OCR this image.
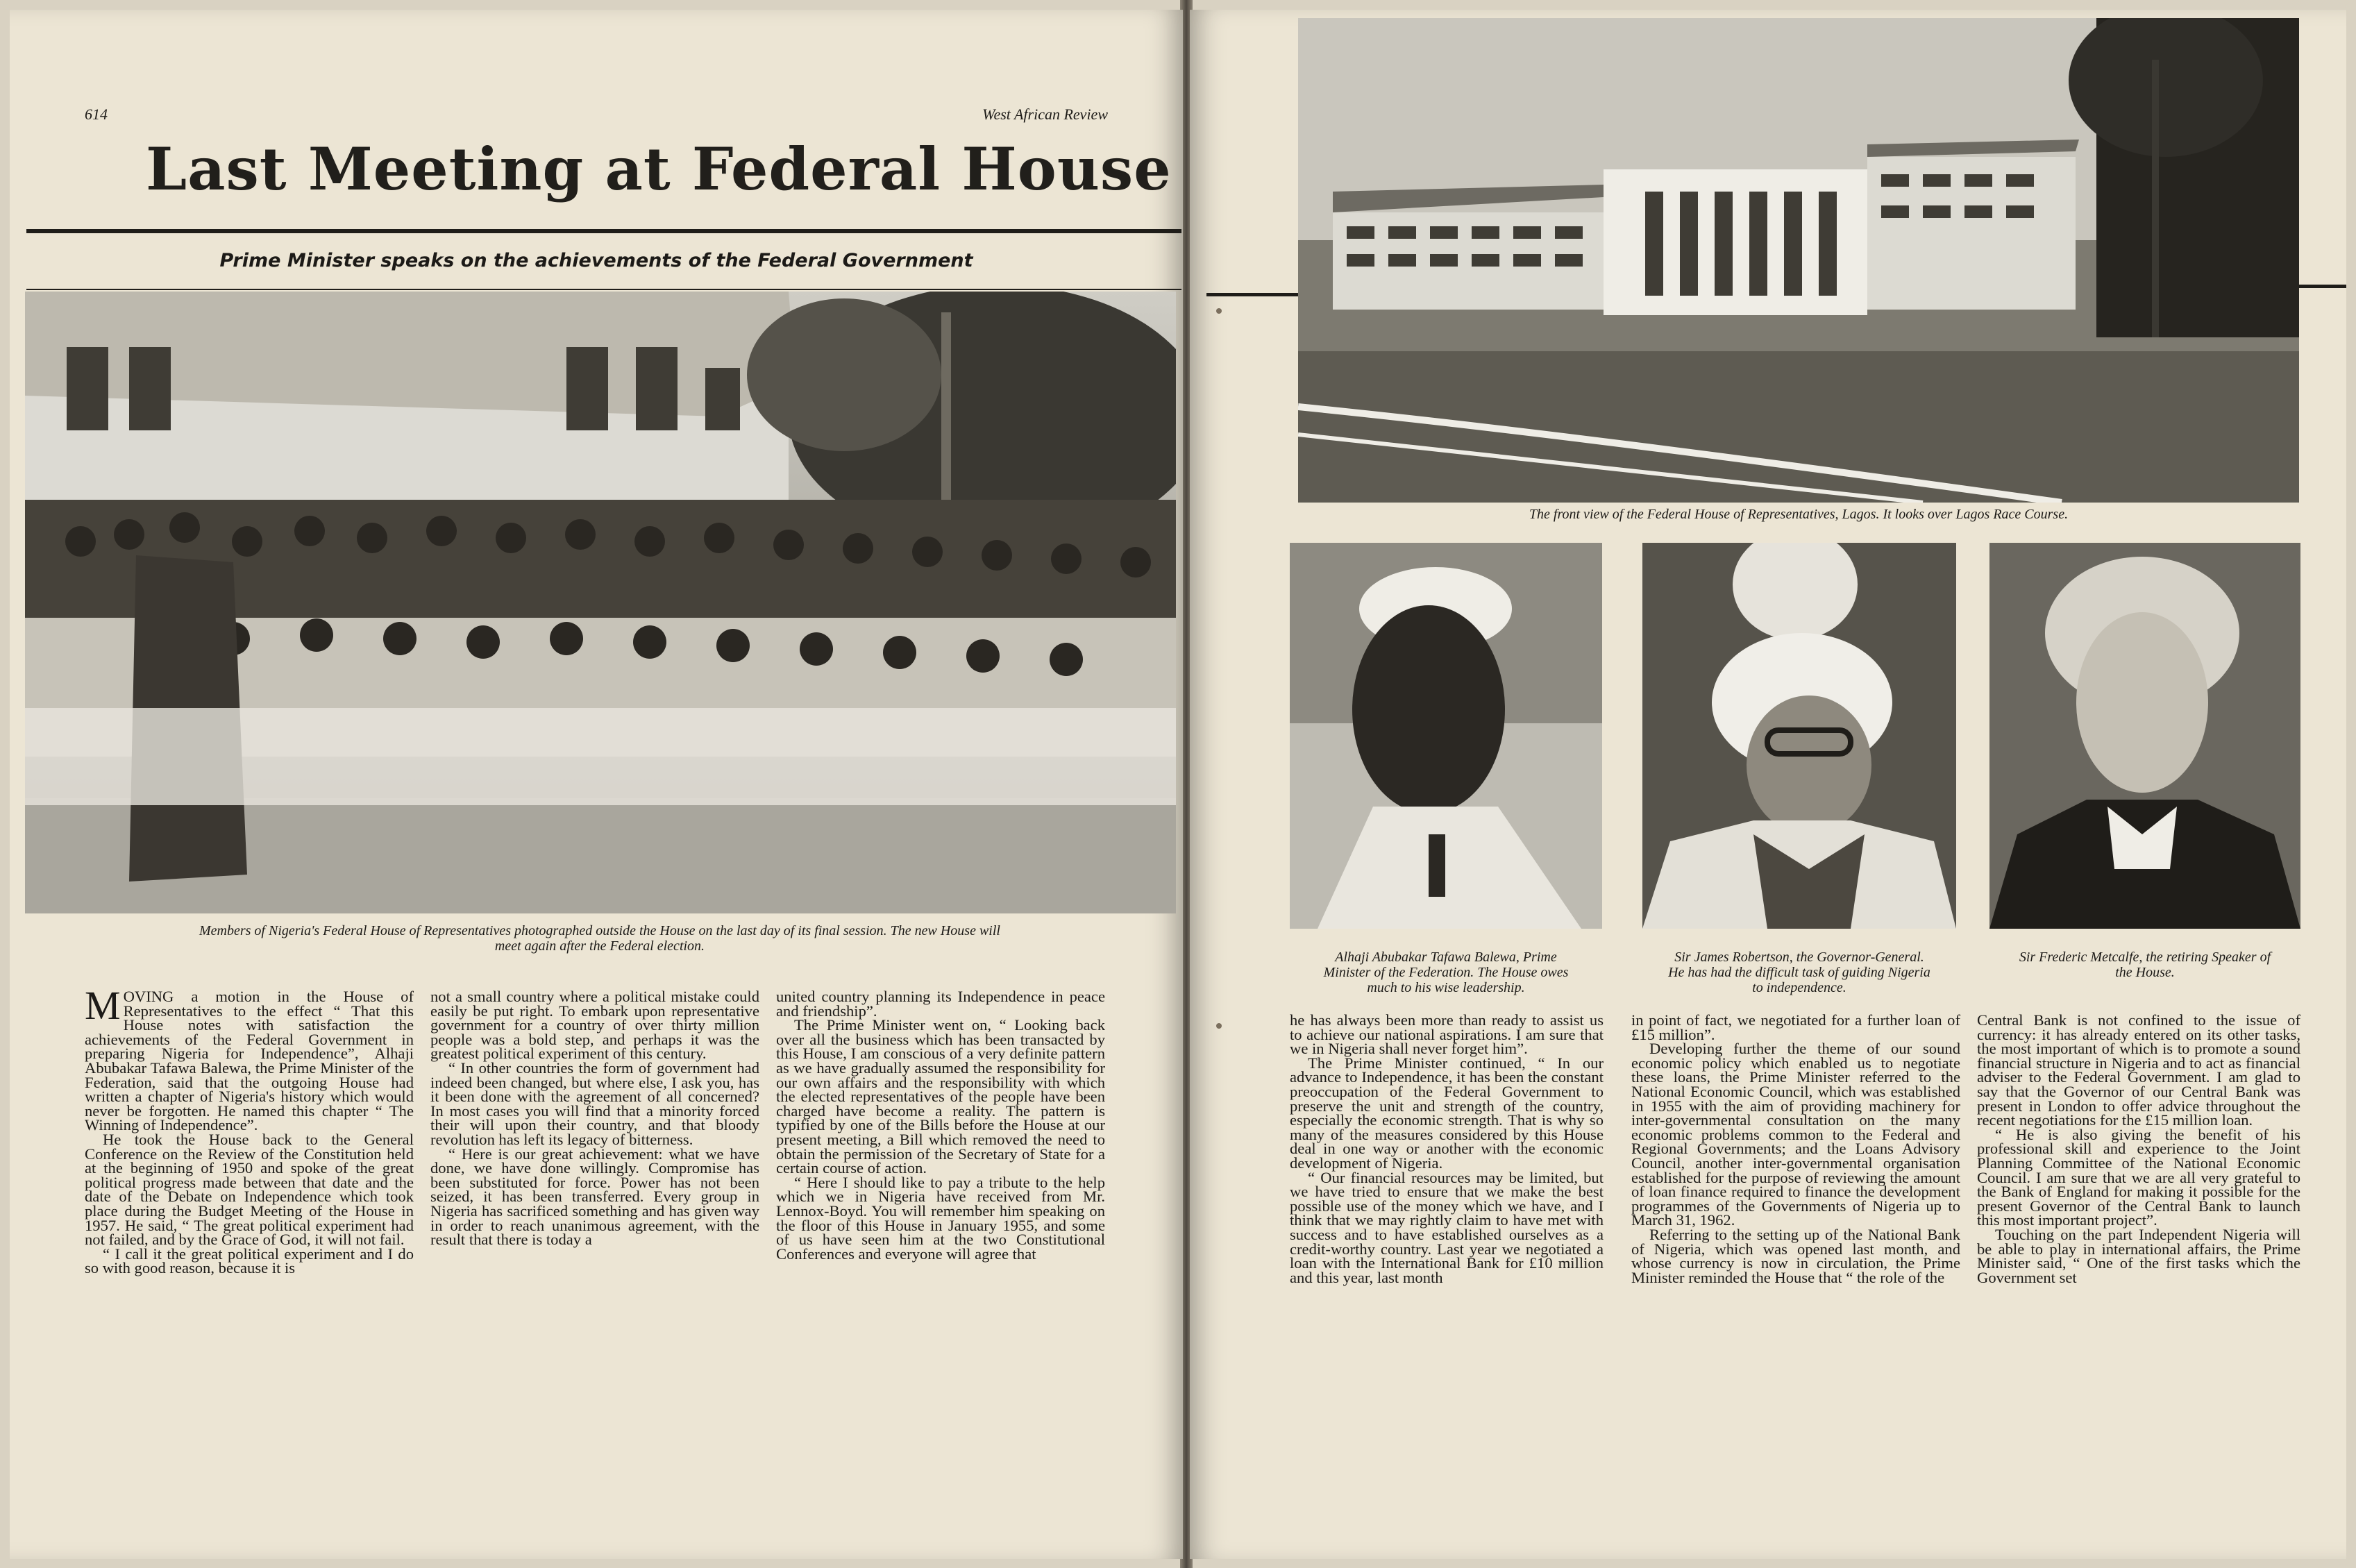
614	West African Review
Last Meeting at Federal House
Prime Minister speaks on the achievements of the Federal Government
Members of Nigeria's Federal House of Representatives photographed outside the House on the last day of its final session. The new House will
meet again after the Federal election.

MOVING a motion in the House of Representatives to the effect “ That this House notes with satisfaction the achievements of the Federal Government in preparing Nigeria for Independence”, Alhaji Abubakar Tafawa Balewa, the Prime Minister of the Federation, said that the outgoing House had written a chapter of Nigeria's history which would never be forgotten. He named this chapter “ The Winning of Independence”.

He took the House back to the General Conference on the Review of the Constitution held at the beginning of 1950 and spoke of the great political progress made between that date and the date of the Debate on Independence which took place during the Budget Meeting of the House in 1957. He said, “ The great political experiment had not failed, and by the Grace of God, it will not fail.

“ I call it the great political experiment and I do so with good reason, because it is

not a small country where a political mistake could easily be put right. To embark upon representative government for a country of over thirty million people was a bold step, and perhaps it was the greatest political experiment of this century.

“ In other countries the form of government had indeed been changed, but where else, I ask you, has it been done with the agreement of all concerned? In most cases you will find that a minority forced their will upon their country, and that bloody revolution has left its legacy of bitterness.

“ Here is our great achievement: what we have done, we have done willingly. Compromise has been substituted for force. Power has not been seized, it has been transferred. Every group in Nigeria has sacrificed something and has given way in order to reach unanimous agreement, with the result that there is today a

united country planning its Independence in peace and friendship”.

The Prime Minister went on, “ Looking back over all the business which has been transacted by this House, I am conscious of a very definite pattern as we have gradually assumed the responsibility for our own affairs and the responsibility with which the elected representatives of the people have been charged have become a reality. The pattern is typified by one of the Bills before the House at our present meeting, a Bill which removed the need to obtain the permission of the Secretary of State for a certain course of action.

“ Here I should like to pay a tribute to the help which we in Nigeria have received from Mr. Lennox-Boyd. You will remember him speaking on the floor of this House in January 1955, and some of us have seen him at the two Constitutional Conferences and everyone will agree that

The front view of the Federal House of Representatives, Lagos. It looks over Lagos Race Course.
Alhaji Abubakar Tafawa Balewa, Prime
Minister of the Federation. The House owes
much to his wise leadership.
Sir James Robertson, the Governor-General.
He has had the difficult task of guiding Nigeria
to independence.
Sir Frederic Metcalfe, the retiring Speaker of
the House.

he has always been more than ready to assist us to achieve our national aspirations. I am sure that we in Nigeria shall never forget him”.

The Prime Minister continued, “ In our advance to Independence, it has been the constant preoccupation of the Federal Government to preserve the unit and strength of the country, especially the economic strength. That is why so many of the measures considered by this House deal in one way or another with the economic development of Nigeria.

“ Our financial resources may be limited, but we have tried to ensure that we make the best possible use of the money which we have, and I think that we may rightly claim to have met with success and to have established ourselves as a credit-worthy country. Last year we negotiated a loan with the International Bank for £10 million and this year, last month

in point of fact, we negotiated for a further loan of £15 million”.

Developing further the theme of our sound economic policy which enabled us to negotiate these loans, the Prime Minister referred to the National Economic Council, which was established in 1955 with the aim of providing machinery for inter-governmental consultation on the many economic problems common to the Federal and Regional Governments; and the Loans Advisory Council, another inter-governmental organisation established for the purpose of reviewing the amount of loan finance required to finance the development programmes of the Governments of Nigeria up to March 31, 1962.

Referring to the setting up of the National Bank of Nigeria, which was opened last month, and whose currency is now in circulation, the Prime Minister reminded the House that “ the role of the

Central Bank is not confined to the issue of currency: it has already entered on its other tasks, the most important of which is to promote a sound financial structure in Nigeria and to act as financial adviser to the Federal Government. I am glad to say that the Governor of our Central Bank was present in London to offer advice throughout the recent negotiations for the £15 million loan.

“ He is also giving the benefit of his professional skill and experience to the Joint Planning Committee of the National Economic Council. I am sure that we are all very grateful to the Bank of England for making it possible for the present Governor of the Central Bank to launch this most important project”.

Touching on the part Independent Nigeria will be able to play in international affairs, the Prime Minister said, “ One of the first tasks which the Government set
